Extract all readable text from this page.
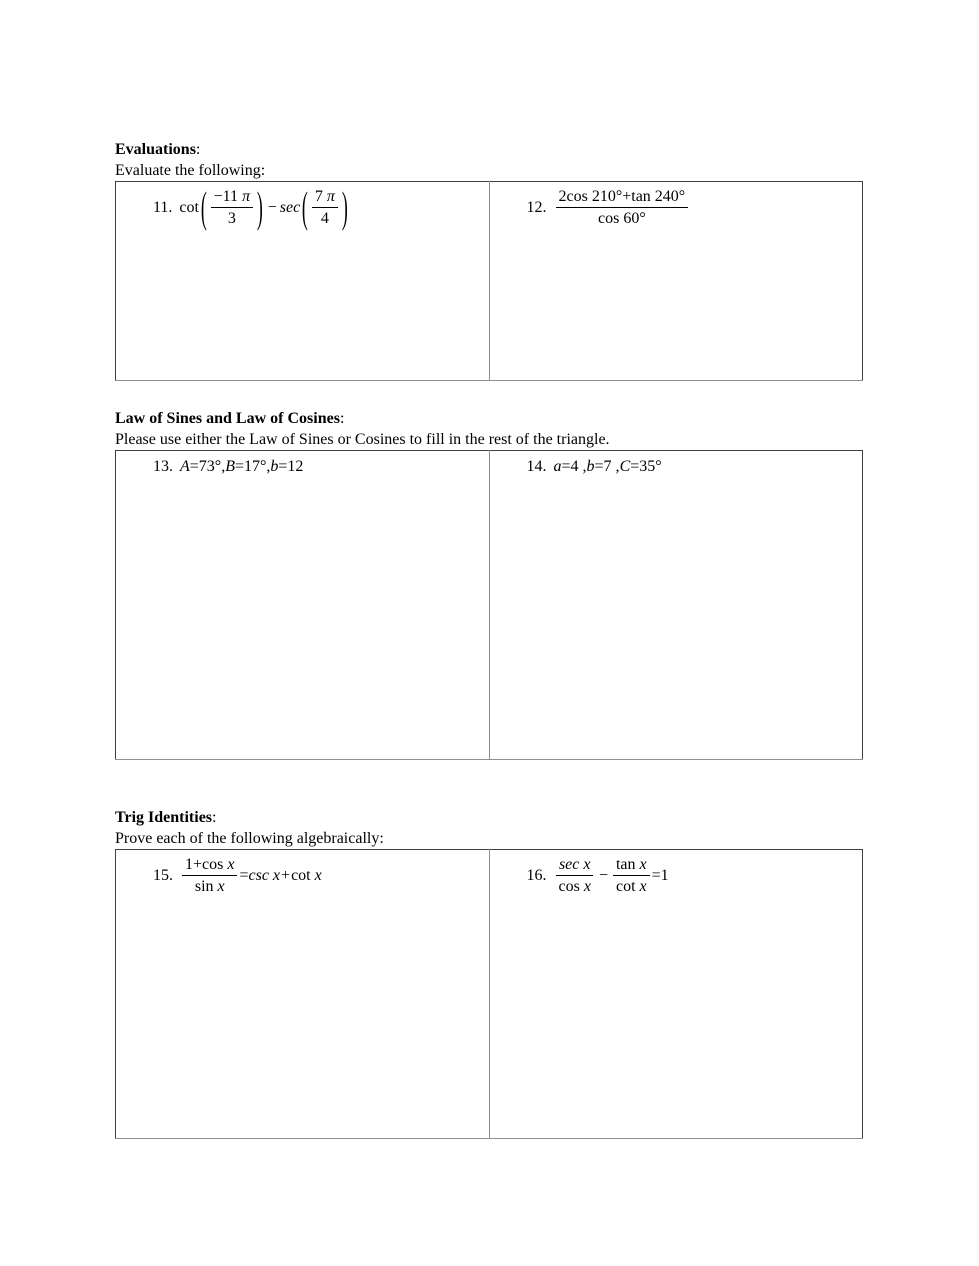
Evaluations:

Evaluate the following:

11. cot ( $\frac{-11 \pi}{3}$ ) − sec ( $\frac{7 \pi}{4}$ )	12. $\frac{2\cos 210^\circ+\tan 240^\circ}{\cos 60^\circ}$

Law of Sines and Law of Cosines:

Please use either the Law of Sines or Cosines to fill in the rest of the triangle.

13. A=73°,B=17°,b=12	14. a=4 ,b=7 ,C=35°

Trig Identities:

Prove each of the following algebraically:

15. $\frac{\text{1+cos x}}{\text{sin x}} =\csc$ x+cot x	16. $\frac{\text{sec x}}{\text{cos x}} - \frac{\text{tan x}}{\text{cot x}} =1$
